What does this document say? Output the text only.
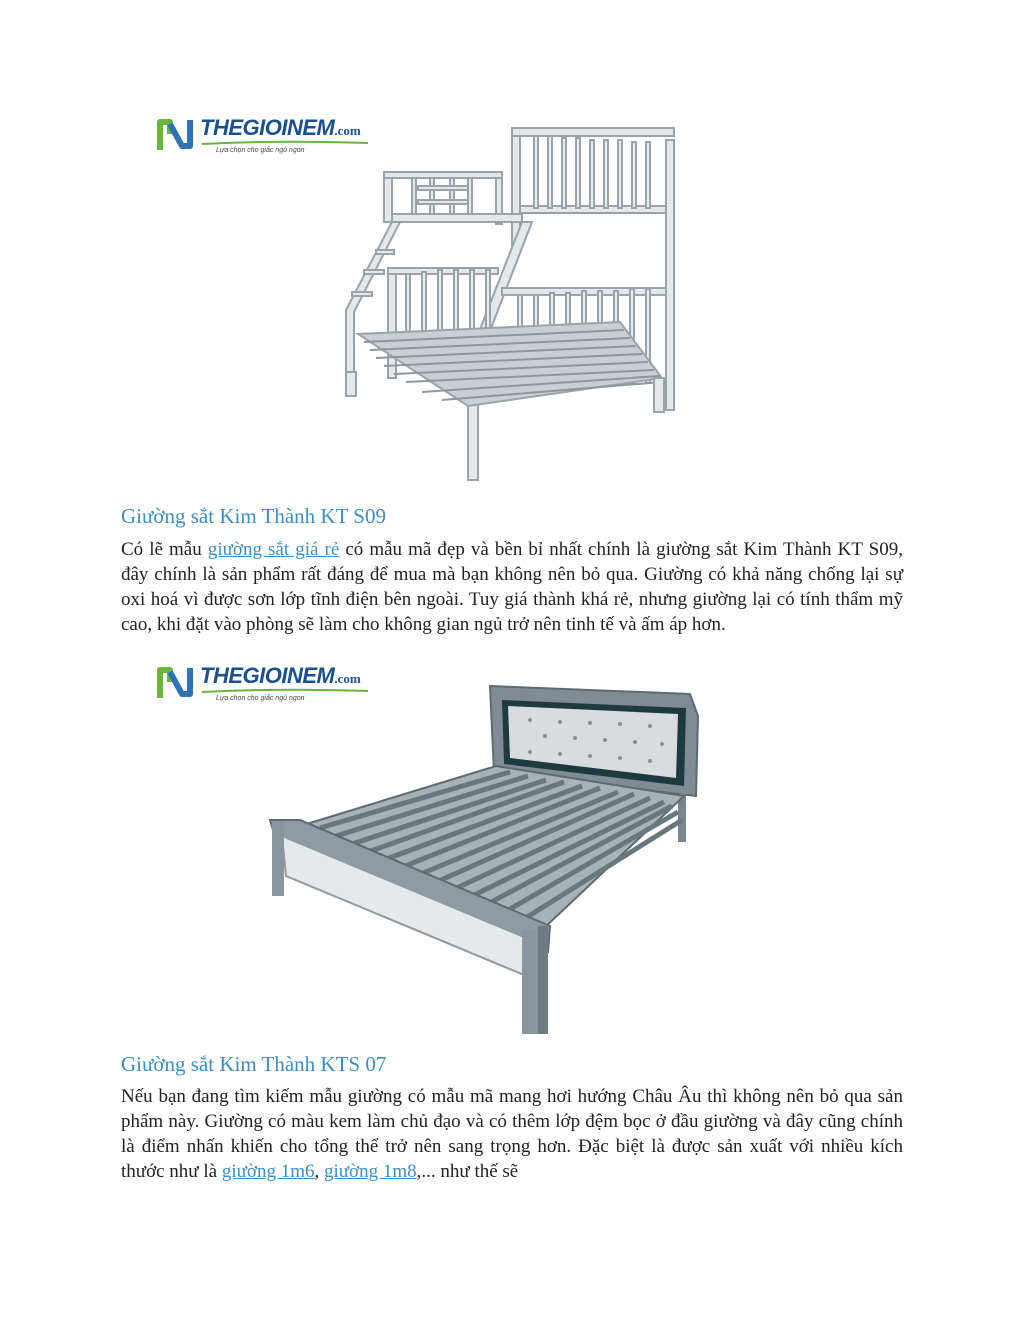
THEGIOINEM.com
Lựa chọn cho giấc ngủ ngon
Giường sắt Kim Thành KT S09

Có lẽ mẫu giường sắt giá rẻ có mẫu mã đẹp và bền bỉ nhất chính là giường sắt Kim Thành KT S09, đây chính là sản phẩm rất đáng để mua mà bạn không nên bỏ qua. Giường có khả năng chống lại sự oxi hoá vì được sơn lớp tĩnh điện bên ngoài. Tuy giá thành khá rẻ, nhưng giường lại có tính thẩm mỹ cao, khi đặt vào phòng sẽ làm cho không gian ngủ trở nên tinh tế và ấm áp hơn.

THEGIOINEM.com
Lựa chọn cho giấc ngủ ngon
Giường sắt Kim Thành KTS 07

Nếu bạn đang tìm kiếm mẫu giường có mẫu mã mang hơi hướng Châu Âu thì không nên bỏ qua sản phẩm này. Giường có màu kem làm chủ đạo và có thêm lớp đệm bọc ở đầu giường và đây cũng chính là điểm nhấn khiến cho tổng thể trở nên sang trọng hơn. Đặc biệt là được sản xuất với nhiều kích thước như là giường 1m6, giường 1m8,... như thế sẽ
